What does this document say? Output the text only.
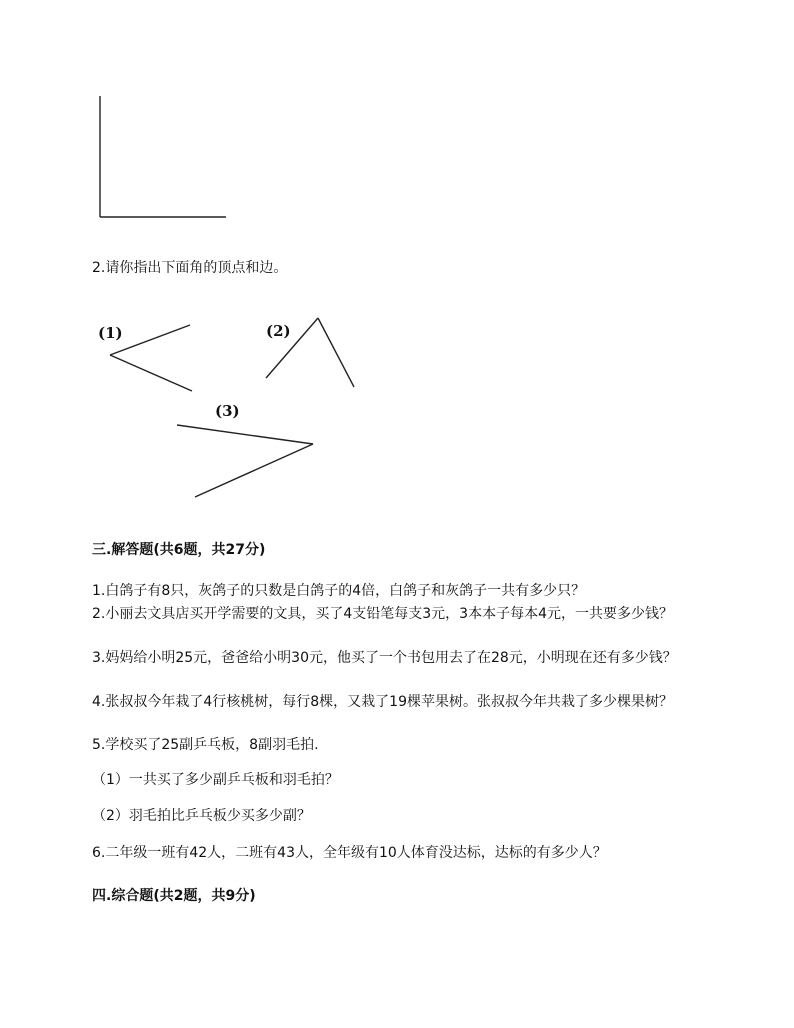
2.请你指出下面角的顶点和边。
(1)	(2)
(3)
三.解答题(共6题，共27分)
1.白鸽子有8只，灰鸽子的只数是白鸽子的4倍，白鸽子和灰鸽子一共有多少只？
2.小丽去文具店买开学需要的文具，买了4支铅笔每支3元，3本本子每本4元，一共要多少钱？
3.妈妈给小明25元，爸爸给小明30元，他买了一个书包用去了在28元，小明现在还有多少钱？
4.张叔叔今年栽了4行核桃树，每行8棵，又栽了19棵苹果树。张叔叔今年共栽了多少棵果树？
5.学校买了25副乒乓板，8副羽毛拍.
（1）一共买了多少副乒乓板和羽毛拍？
（2）羽毛拍比乒乓板少买多少副？
6.二年级一班有42人，二班有43人，全年级有10人体育没达标，达标的有多少人？
四.综合题(共2题，共9分)
